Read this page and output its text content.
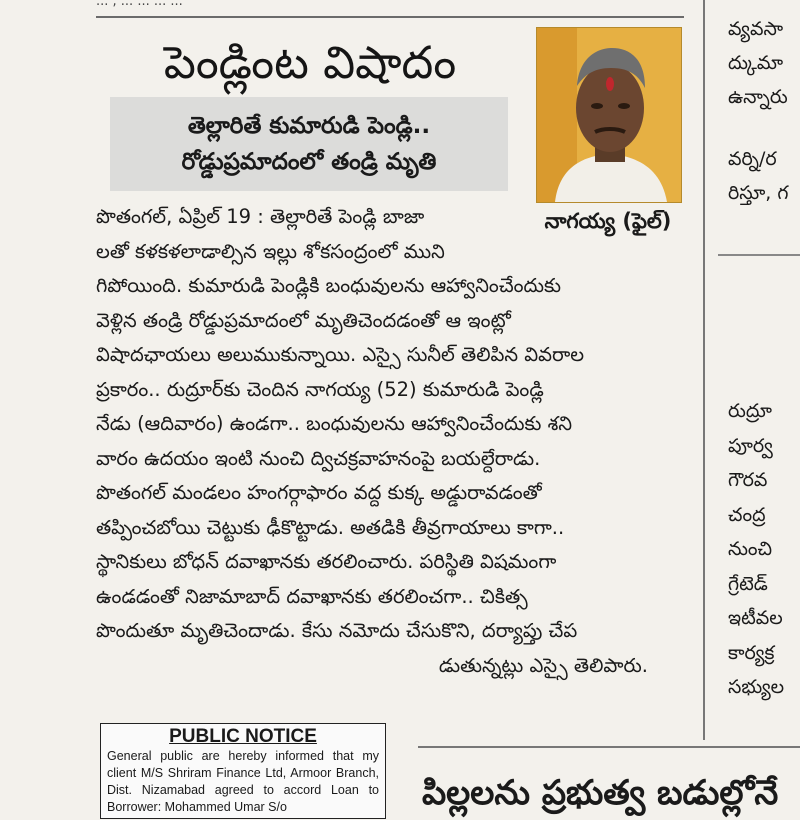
... , ... ... ... ...
పెండ్లింట విషాదం
తెల్లారితే కుమారుడి పెండ్లి..
రోడ్డుప్రమాదంలో తండ్రి మృతి
నాగయ్య (ఫైల్)
పొతంగల్, ఏప్రిల్ 19 : తెల్లారితే పెండ్లి బాజా
లతో కళకళలాడాల్సిన ఇల్లు శోకసంద్రంలో ముని
గిపోయింది. కుమారుడి పెండ్లికి బంధువులను ఆహ్వానించేందుకు
వెళ్లిన తండ్రి రోడ్డుప్రమాదంలో మృతిచెందడంతో ఆ ఇంట్లో
విషాదఛాయలు అలుముకున్నాయి. ఎస్సై సునీల్ తెలిపిన వివరాల
ప్రకారం.. రుద్రూర్‌కు చెందిన నాగయ్య (52) కుమారుడి పెండ్లి
నేడు (ఆదివారం) ఉండగా.. బంధువులను ఆహ్వానించేందుకు శని
వారం ఉదయం ఇంటి నుంచి ద్విచక్రవాహనంపై బయల్దేరాడు.
పొతంగల్ మండలం హంగర్గాఫారం వద్ద కుక్క అడ్డురావడంతో
తప్పించబోయి చెట్టుకు ఢీకొట్టాడు. అతడికి తీవ్రగాయాలు కాగా..
స్థానికులు బోధన్ దవాఖానకు తరలించారు. పరిస్థితి విషమంగా
ఉండడంతో నిజామాబాద్ దవాఖానకు తరలించగా.. చికిత్స
పొందుతూ మృతిచెందాడు. కేసు నమోదు చేసుకొని, దర్యాప్తు చేప
డుతున్నట్లు ఎస్సై తెలిపారు.
PUBLIC NOTICE
General public are hereby informed that my client M/S Shriram Finance Ltd, Armoor Branch, Dist. Nizamabad agreed to accord Loan to Borrower: Mohammed Umar S/o
వ్యవసా
ద్కుమా
ఉన్నారు
వర్ని/ర
రిస్తూ, గ
రుద్రూ
పూర్వ
గౌరవ
చంద్ర
నుంచి
గ్రేటెడ్
ఇటీవల
కార్యక్ర
సభ్యుల
పిల్లలను ప్రభుత్వ బడుల్లోనే
